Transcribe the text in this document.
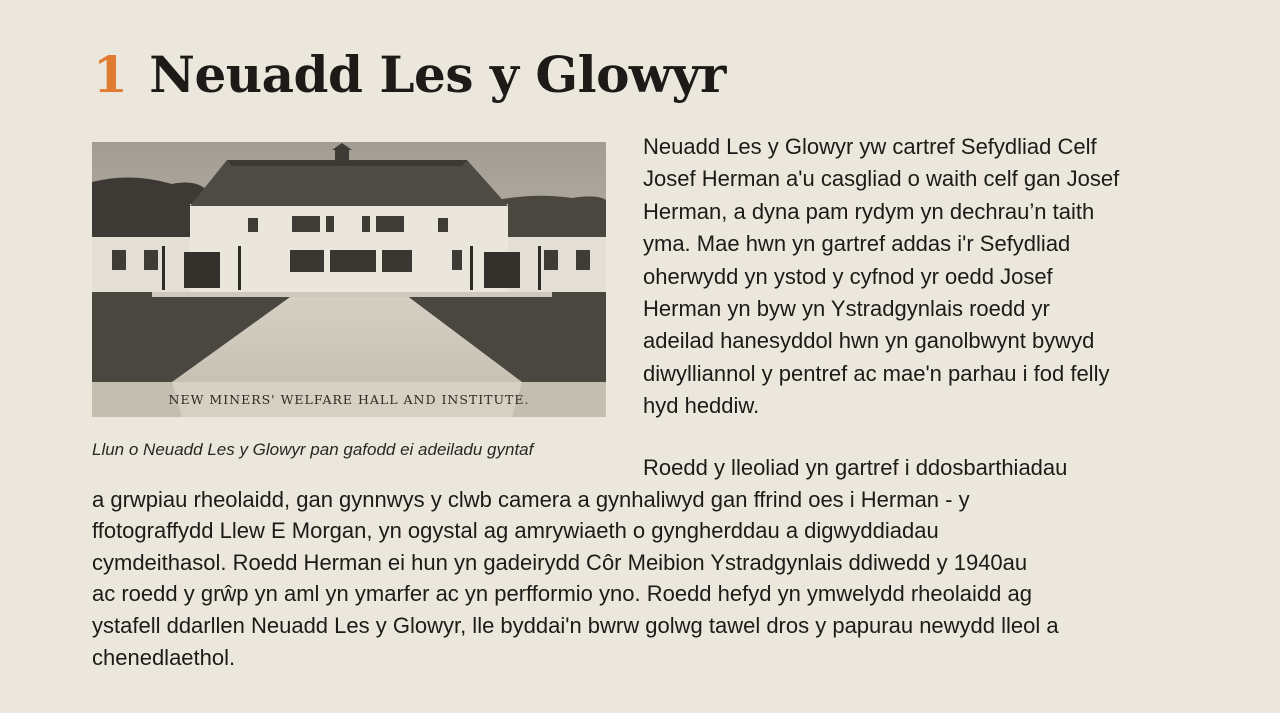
1 Neuadd Les y Glowyr
NEW MINERS' WELFARE HALL AND INSTITUTE.

Llun o Neuadd Les y Glowyr pan gafodd ei adeiladu gyntaf

Neuadd Les y Glowyr yw cartref Sefydliad Celf
Josef Herman a'u casgliad o waith celf gan Josef
Herman, a dyna pam rydym yn dechrau’n taith
yma. Mae hwn yn gartref addas i'r Sefydliad
oherwydd yn ystod y cyfnod yr oedd Josef
Herman yn byw yn Ystradgynlais roedd yr
adeilad hanesyddol hwn yn ganolbwynt bywyd
diwylliannol y pentref ac mae'n parhau i fod felly
hyd heddiw.

Roedd y lleoliad yn gartref i ddosbarthiadau
a grwpiau rheolaidd, gan gynnwys y clwb camera a gynhaliwyd gan ffrind oes i Herman - y
ffotograffydd Llew E Morgan, yn ogystal ag amrywiaeth o gyngherddau a digwyddiadau
cymdeithasol. Roedd Herman ei hun yn gadeirydd Côr Meibion Ystradgynlais ddiwedd y 1940au
ac roedd y grŵp yn aml yn ymarfer ac yn perfformio yno. Roedd hefyd yn ymwelydd rheolaidd ag
ystafell ddarllen Neuadd Les y Glowyr, lle byddai'n bwrw golwg tawel dros y papurau newydd lleol a
chenedlaethol.
